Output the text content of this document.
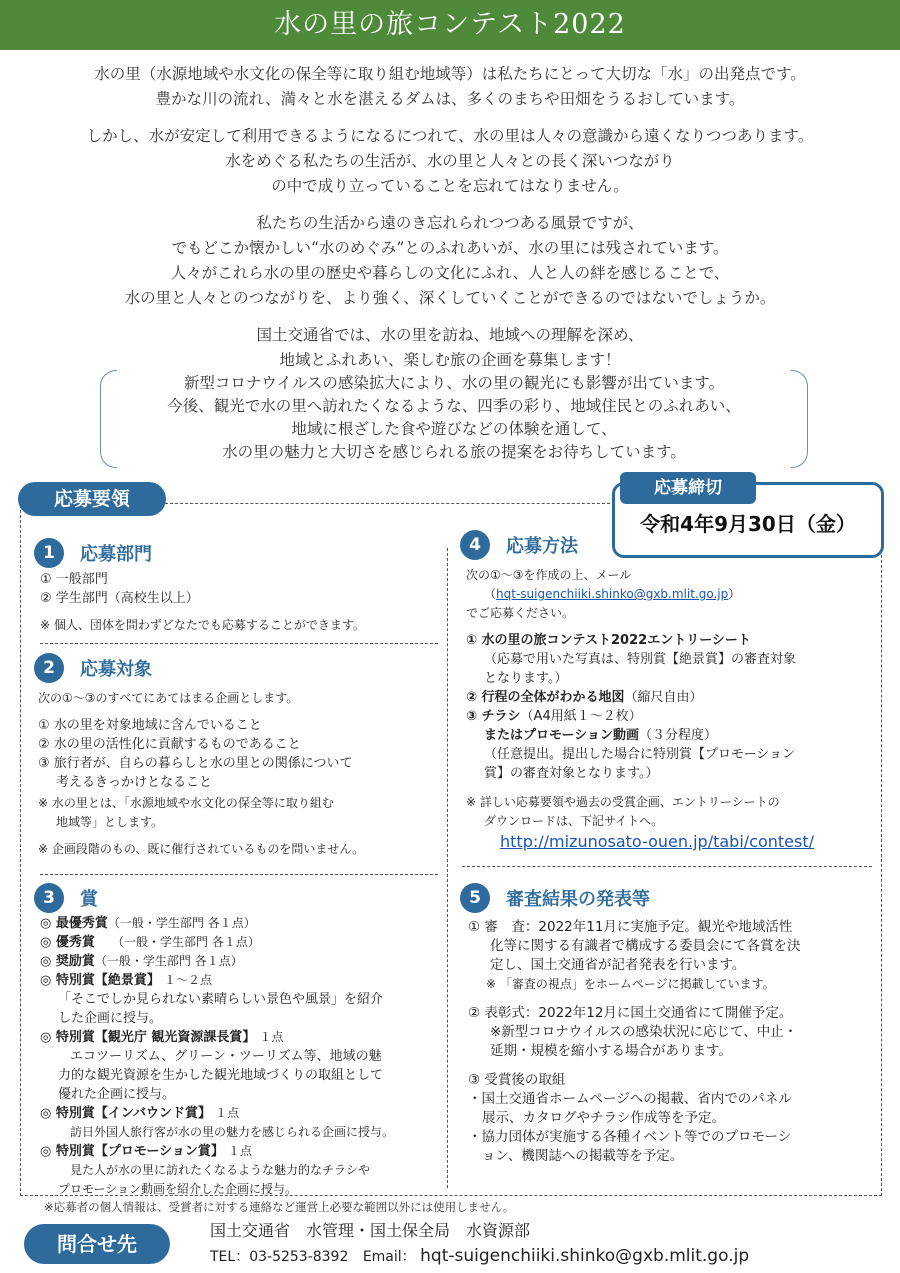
水の里の旅コンテスト2022

水の里（水源地域や水文化の保全等に取り組む地域等）は私たちにとって大切な「水」の出発点です。

豊かな川の流れ、満々と水を湛えるダムは、多くのまちや田畑をうるおしています。

しかし、水が安定して利用できるようになるにつれて、水の里は人々の意識から遠くなりつつあります。

水をめぐる私たちの生活が、水の里と人々との長く深いつながり

の中で成り立っていることを忘れてはなりません。

私たちの生活から遠のき忘れられつつある風景ですが、

でもどこか懐かしい“水のめぐみ”とのふれあいが、水の里には残されています。

人々がこれら水の里の歴史や暮らしの文化にふれ、人と人の絆を感じることで、

水の里と人々とのつながりを、より強く、深くしていくことができるのではないでしょうか。

国土交通省では、水の里を訪ね、地域への理解を深め、

地域とふれあい、楽しむ旅の企画を募集します！

新型コロナウイルスの感染拡大により、水の里の観光にも影響が出ています。

今後、観光で水の里へ訪れたくなるような、四季の彩り、地域住民とのふれあい、

地域に根ざした食や遊びなどの体験を通して、

水の里の魅力と大切さを感じられる旅の提案をお待ちしています。

応募要領	応募締切
令和4年9月30日（金）
1	応募部門

① 一般部門

② 学生部門（高校生以上）

※ 個人、団体を問わずどなたでも応募することができます。

2	応募対象

次の①～③のすべてにあてはまる企画とします。

① 水の里を対象地域に含んでいること

② 水の里の活性化に貢献するものであること

③ 旅行者が、自らの暮らしと水の里との関係について

考えるきっかけとなること

※ 水の里とは、「水源地域や水文化の保全等に取り組む

地域等」とします。

※ 企画段階のもの、既に催行されているものを問いません。

3	賞

◎ 最優秀賞（一般・学生部門 各１点）

◎ 優秀賞　 （一般・学生部門 各１点）

◎ 奨励賞（一般・学生部門 各１点）

◎ 特別賞【絶景賞】 １～２点

「そこでしか見られない素晴らしい景色や風景」を紹介

した企画に授与。

◎ 特別賞【観光庁 観光資源課長賞】 １点

エコツーリズム、グリーン・ツーリズム等、地域の魅

力的な観光資源を生かした観光地域づくりの取組として

優れた企画に授与。

◎ 特別賞【インバウンド賞】 １点

訪日外国人旅行客が水の里の魅力を感じられる企画に授与。

◎ 特別賞【プロモーション賞】 １点

見た人が水の里に訪れたくなるような魅力的なチラシや

プロモーション動画を紹介した企画に授与。

4	応募方法

次の①～③を作成の上、メール

（hqt-suigenchiiki.shinko@gxb.mlit.go.jp）

でご応募ください。

① 水の里の旅コンテスト2022エントリーシート

（応募で用いた写真は、特別賞【絶景賞】の審査対象

となります。）

② 行程の全体がわかる地図（縮尺自由）

③ チラシ（A4用紙１～２枚）

またはプロモーション動画（３分程度）

（任意提出。提出した場合に特別賞【プロモーション

賞】の審査対象となります。）

※ 詳しい応募要領や過去の受賞企画、エントリーシートの

ダウンロードは、下記サイトへ。

http://mizunosato-ouen.jp/tabi/contest/
5	審査結果の発表等

① 審　査：2022年11月に実施予定。観光や地域活性

化等に関する有識者で構成する委員会にて各賞を決

定し、国土交通省が記者発表を行います。

※ 「審査の視点」をホームページに掲載しています。

② 表彰式：2022年12月に国土交通省にて開催予定。

※新型コロナウイルスの感染状況に応じて、中止・

延期・規模を縮小する場合があります。

③ 受賞後の取組

・国土交通省ホームページへの掲載、省内でのパネル

展示、カタログやチラシ作成等を予定。

・協力団体が実施する各種イベント等でのプロモーシ

ョン、機関誌への掲載等を予定。

※応募者の個人情報は、受賞者に対する連絡など運営上必要な範囲以外には使用しません。
問合せ先
国土交通省　水管理・国土保全局　水資源部
TEL：03-5253-8392 Email： hqt-suigenchiiki.shinko@gxb.mlit.go.jp
